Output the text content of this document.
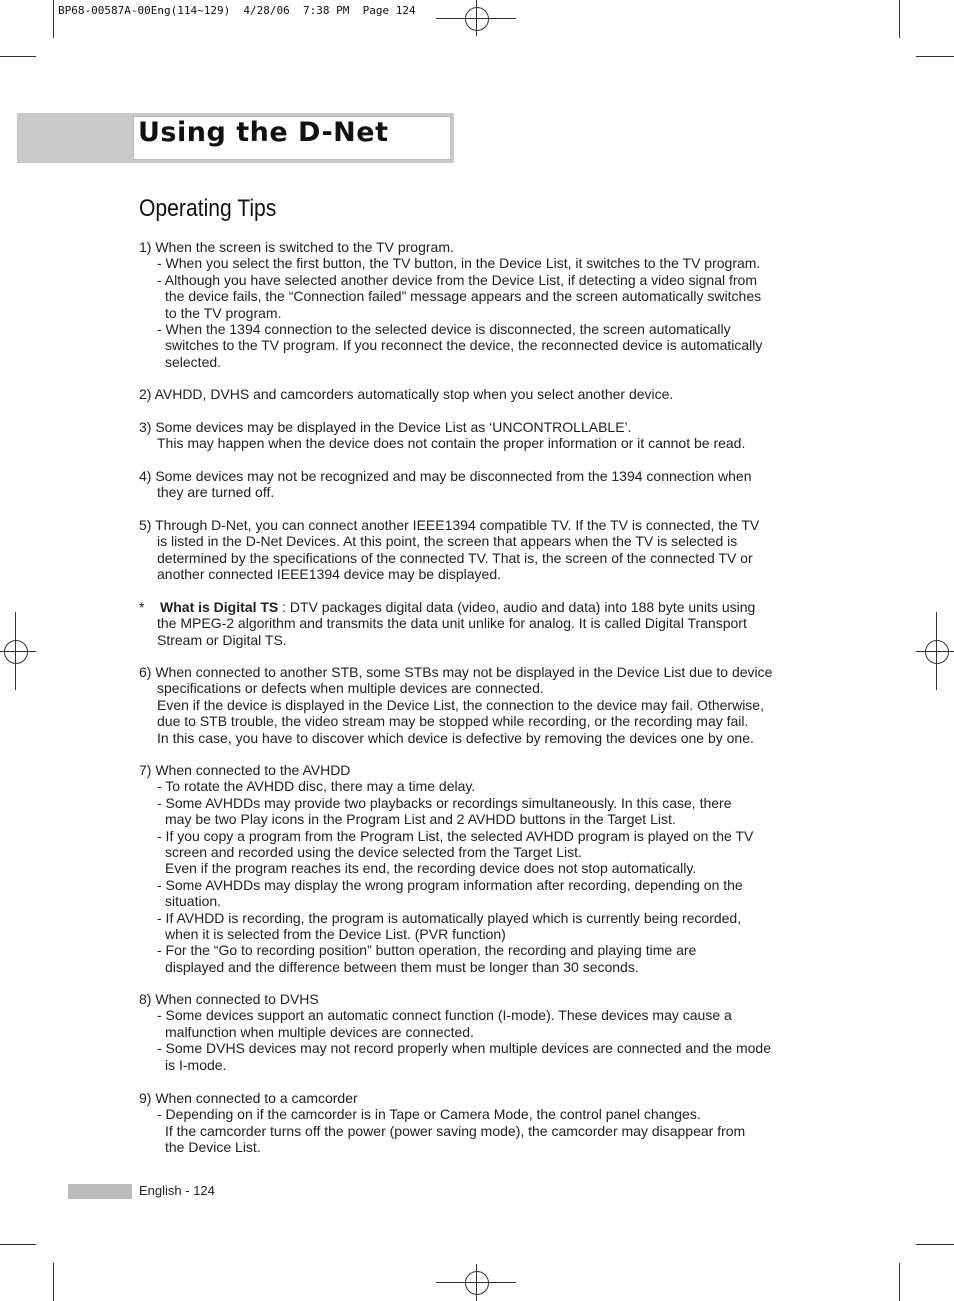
BP68-00587A-00Eng(114~129)  4/28/06  7:38 PM  Page 124
Using the D-Net
Operating Tips
1) When the screen is switched to the TV program.
- When you select the first button, the TV button, in the Device List, it switches to the TV program.
- Although you have selected another device from the Device List, if detecting a video signal from
the device fails, the “Connection failed” message appears and the screen automatically switches
to the TV program.
- When the 1394 connection to the selected device is disconnected, the screen automatically
switches to the TV program. If you reconnect the device, the reconnected device is automatically
selected.
2) AVHDD, DVHS and camcorders automatically stop when you select another device.
3) Some devices may be displayed in the Device List as ‘UNCONTROLLABLE’.
This may happen when the device does not contain the proper information or it cannot be read.
4) Some devices may not be recognized and may be disconnected from the 1394 connection when
they are turned off.
5) Through D-Net, you can connect another IEEE1394 compatible TV. If the TV is connected, the TV
is listed in the D-Net Devices. At this point, the screen that appears when the TV is selected is
determined by the specifications of the connected TV. That is, the screen of the connected TV or
another connected IEEE1394 device may be displayed.
* What is Digital TS : DTV packages digital data (video, audio and data) into 188 byte units using
the MPEG-2 algorithm and transmits the data unit unlike for analog. It is called Digital Transport
Stream or Digital TS.
6) When connected to another STB, some STBs may not be displayed in the Device List due to device
specifications or defects when multiple devices are connected.
Even if the device is displayed in the Device List, the connection to the device may fail. Otherwise,
due to STB trouble, the video stream may be stopped while recording, or the recording may fail.
In this case, you have to discover which device is defective by removing the devices one by one.
7) When connected to the AVHDD
- To rotate the AVHDD disc, there may a time delay.
- Some AVHDDs may provide two playbacks or recordings simultaneously. In this case, there
may be two Play icons in the Program List and 2 AVHDD buttons in the Target List.
- If you copy a program from the Program List, the selected AVHDD program is played on the TV
screen and recorded using the device selected from the Target List.
Even if the program reaches its end, the recording device does not stop automatically.
- Some AVHDDs may display the wrong program information after recording, depending on the
situation.
- If AVHDD is recording, the program is automatically played which is currently being recorded,
when it is selected from the Device List. (PVR function)
- For the “Go to recording position” button operation, the recording and playing time are
displayed and the difference between them must be longer than 30 seconds.
8) When connected to DVHS
- Some devices support an automatic connect function (I-mode). These devices may cause a
malfunction when multiple devices are connected.
- Some DVHS devices may not record properly when multiple devices are connected and the mode
is I-mode.
9) When connected to a camcorder
- Depending on if the camcorder is in Tape or Camera Mode, the control panel changes.
If the camcorder turns off the power (power saving mode), the camcorder may disappear from
the Device List.
English - 124
